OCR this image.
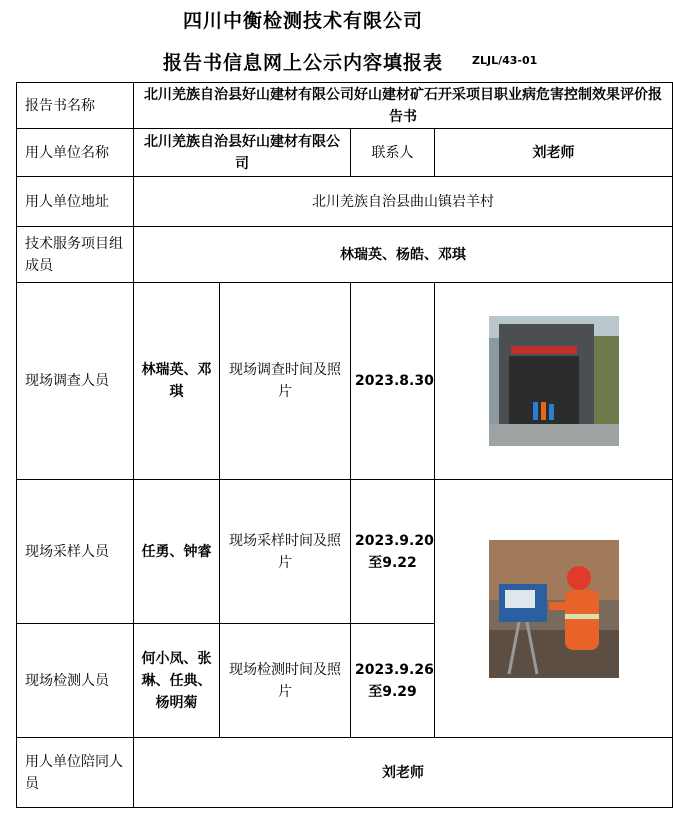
四川中衡检测技术有限公司
报告书信息网上公示内容填报表	ZLJL/43-01
报告书名称	北川羌族自治县好山建材有限公司好山建材矿石开采项目职业病危害控制效果评价报告书			
用人单位名称	北川羌族自治县好山建材有限公司		联系人	刘老师
用人单位地址	北川羌族自治县曲山镇岩羊村			
技术服务项目组成员	林瑞英、杨皓、邓琪			
现场调查人员	林瑞英、邓琪	现场调查时间及照片	2023.8.30	

现场采样人员	任勇、钟睿	现场采样时间及照片	2023.9.20至9.22	

现场检测人员	何小凤、张琳、任典、杨明菊	现场检测时间及照片	2023.9.26至9.29	
用人单位陪同人员	刘老师			
